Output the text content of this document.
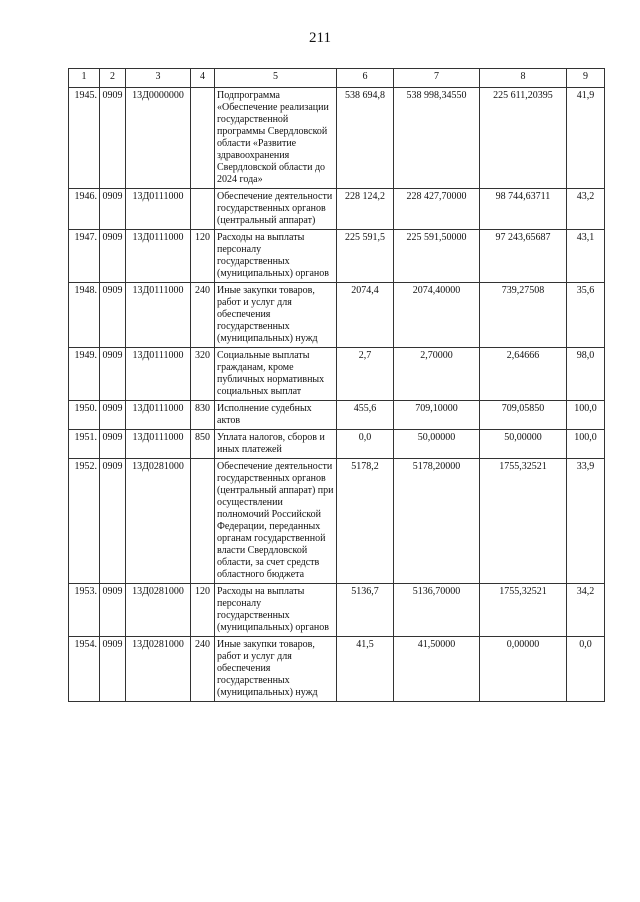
211
1	2	3	4	5	6	7	8	9
1945.	0909	13Д0000000		Подпрограмма «Обеспечение реализации государственной программы Свердловской области «Развитие здравоохранения Свердловской области до 2024 года»	538 694,8	538 998,34550	225 611,20395	41,9
1946.	0909	13Д0111000		Обеспечение деятельности государственных органов (центральный аппарат)	228 124,2	228 427,70000	98 744,63711	43,2
1947.	0909	13Д0111000	120	Расходы на выплаты персоналу государственных (муниципальных) органов	225 591,5	225 591,50000	97 243,65687	43,1
1948.	0909	13Д0111000	240	Иные закупки товаров, работ и услуг для обеспечения государственных (муниципальных) нужд	2074,4	2074,40000	739,27508	35,6
1949.	0909	13Д0111000	320	Социальные выплаты гражданам, кроме публичных нормативных социальных выплат	2,7	2,70000	2,64666	98,0
1950.	0909	13Д0111000	830	Исполнение судебных актов	455,6	709,10000	709,05850	100,0
1951.	0909	13Д0111000	850	Уплата налогов, сборов и иных платежей	0,0	50,00000	50,00000	100,0
1952.	0909	13Д0281000		Обеспечение деятельности государственных органов (центральный аппарат) при осуществлении полномочий Российской Федерации, переданных органам государственной власти Свердловской области, за счет средств областного бюджета	5178,2	5178,20000	1755,32521	33,9
1953.	0909	13Д0281000	120	Расходы на выплаты персоналу государственных (муниципальных) органов	5136,7	5136,70000	1755,32521	34,2
1954.	0909	13Д0281000	240	Иные закупки товаров, работ и услуг для обеспечения государственных (муниципальных) нужд	41,5	41,50000	0,00000	0,0
